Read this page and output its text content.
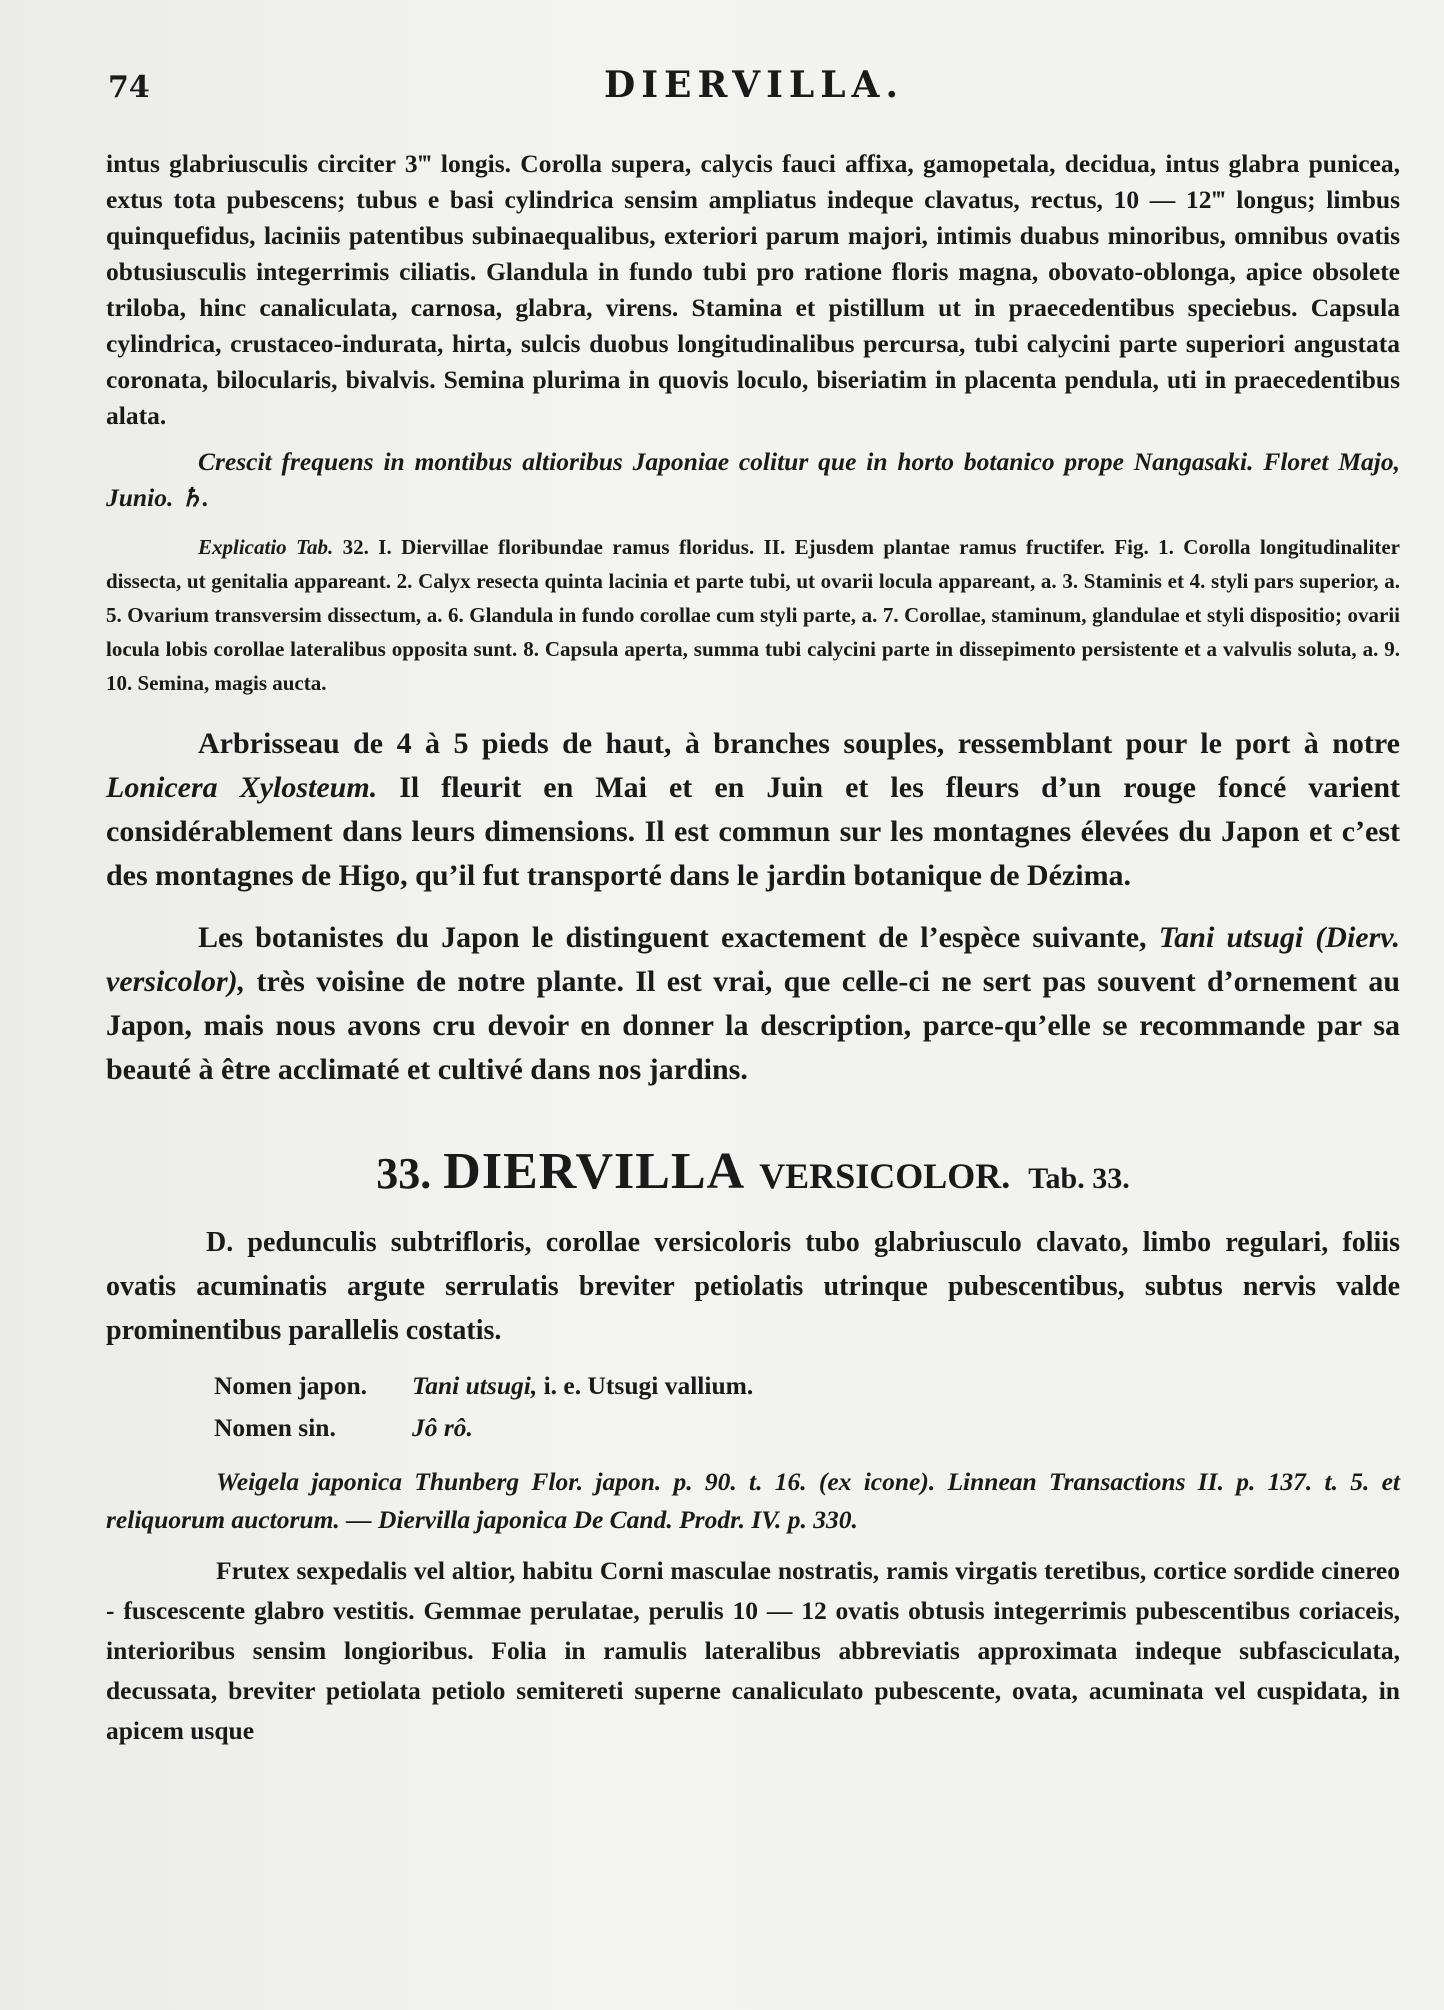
74	DIERVILLA.

intus glabriusculis circiter 3‴ longis. Corolla supera, calycis fauci affixa, gamopetala, decidua, intus glabra punicea, extus tota pubescens; tubus e basi cylindrica sensim ampliatus indeque clavatus, rectus, 10 — 12‴ longus; limbus quinquefidus, laciniis patentibus subinaequalibus, exteriori parum majori, intimis duabus minoribus, omnibus ovatis obtusiusculis integerrimis ciliatis. Glandula in fundo tubi pro ratione floris magna, obovato-oblonga, apice obsolete triloba, hinc canaliculata, carnosa, glabra, virens. Stamina et pistillum ut in praecedentibus speciebus. Capsula cylindrica, crustaceo-indurata, hirta, sulcis duobus longitudinalibus percursa, tubi calycini parte superiori angustata coronata, bilocularis, bivalvis. Semina plurima in quovis loculo, biseriatim in placenta pendula, uti in praecedentibus alata.

Crescit frequens in montibus altioribus Japoniae colitur que in horto botanico prope Nangasaki. Floret Majo, Junio. ♄.

Explicatio Tab. 32. I. Diervillae floribundae ramus floridus. II. Ejusdem plantae ramus fructifer. Fig. 1. Corolla longitudinaliter dissecta, ut genitalia appareant. 2. Calyx resecta quinta lacinia et parte tubi, ut ovarii locula appareant, a. 3. Staminis et 4. styli pars superior, a. 5. Ovarium transversim dissectum, a. 6. Glandula in fundo corollae cum styli parte, a. 7. Corollae, staminum, glandulae et styli dispositio; ovarii locula lobis corollae lateralibus opposita sunt. 8. Capsula aperta, summa tubi calycini parte in dissepimento persistente et a valvulis soluta, a. 9. 10. Semina, magis aucta.

Arbrisseau de 4 à 5 pieds de haut, à branches souples, ressemblant pour le port à notre Lonicera Xylosteum. Il fleurit en Mai et en Juin et les fleurs d’un rouge foncé varient considérablement dans leurs dimensions. Il est commun sur les montagnes élevées du Japon et c’est des montagnes de Higo, qu’il fut transporté dans le jardin botanique de Dézima.

Les botanistes du Japon le distinguent exactement de l’espèce suivante, Tani utsugi (Dierv. versicolor), très voisine de notre plante. Il est vrai, que celle-ci ne sert pas souvent d’ornement au Japon, mais nous avons cru devoir en donner la description, parce-qu’elle se recommande par sa beauté à être acclimaté et cultivé dans nos jardins.

33. DIERVILLA VERSICOLOR. Tab. 33.

D. pedunculis subtrifloris, corollae versicoloris tubo glabriusculo clavato, limbo regulari, foliis ovatis acuminatis argute serrulatis breviter petiolatis utrinque pubescentibus, subtus nervis valde prominentibus parallelis costatis.

Nomen japon. Tani utsugi, i. e. Utsugi vallium.
Nomen sin.	Jô rô.

Weigela japonica Thunberg Flor. japon. p. 90. t. 16. (ex icone). Linnean Transactions II. p. 137. t. 5. et reliquorum auctorum. — Diervilla japonica De Cand. Prodr. IV. p. 330.

Frutex sexpedalis vel altior, habitu Corni masculae nostratis, ramis virgatis teretibus, cortice sordide cinereo - fuscescente glabro vestitis. Gemmae perulatae, perulis 10 — 12 ovatis obtusis integerrimis pubescentibus coriaceis, interioribus sensim longioribus. Folia in ramulis lateralibus abbreviatis approximata indeque subfasciculata, decussata, breviter petiolata petiolo semitereti superne canaliculato pubescente, ovata, acuminata vel cuspidata, in apicem usque
